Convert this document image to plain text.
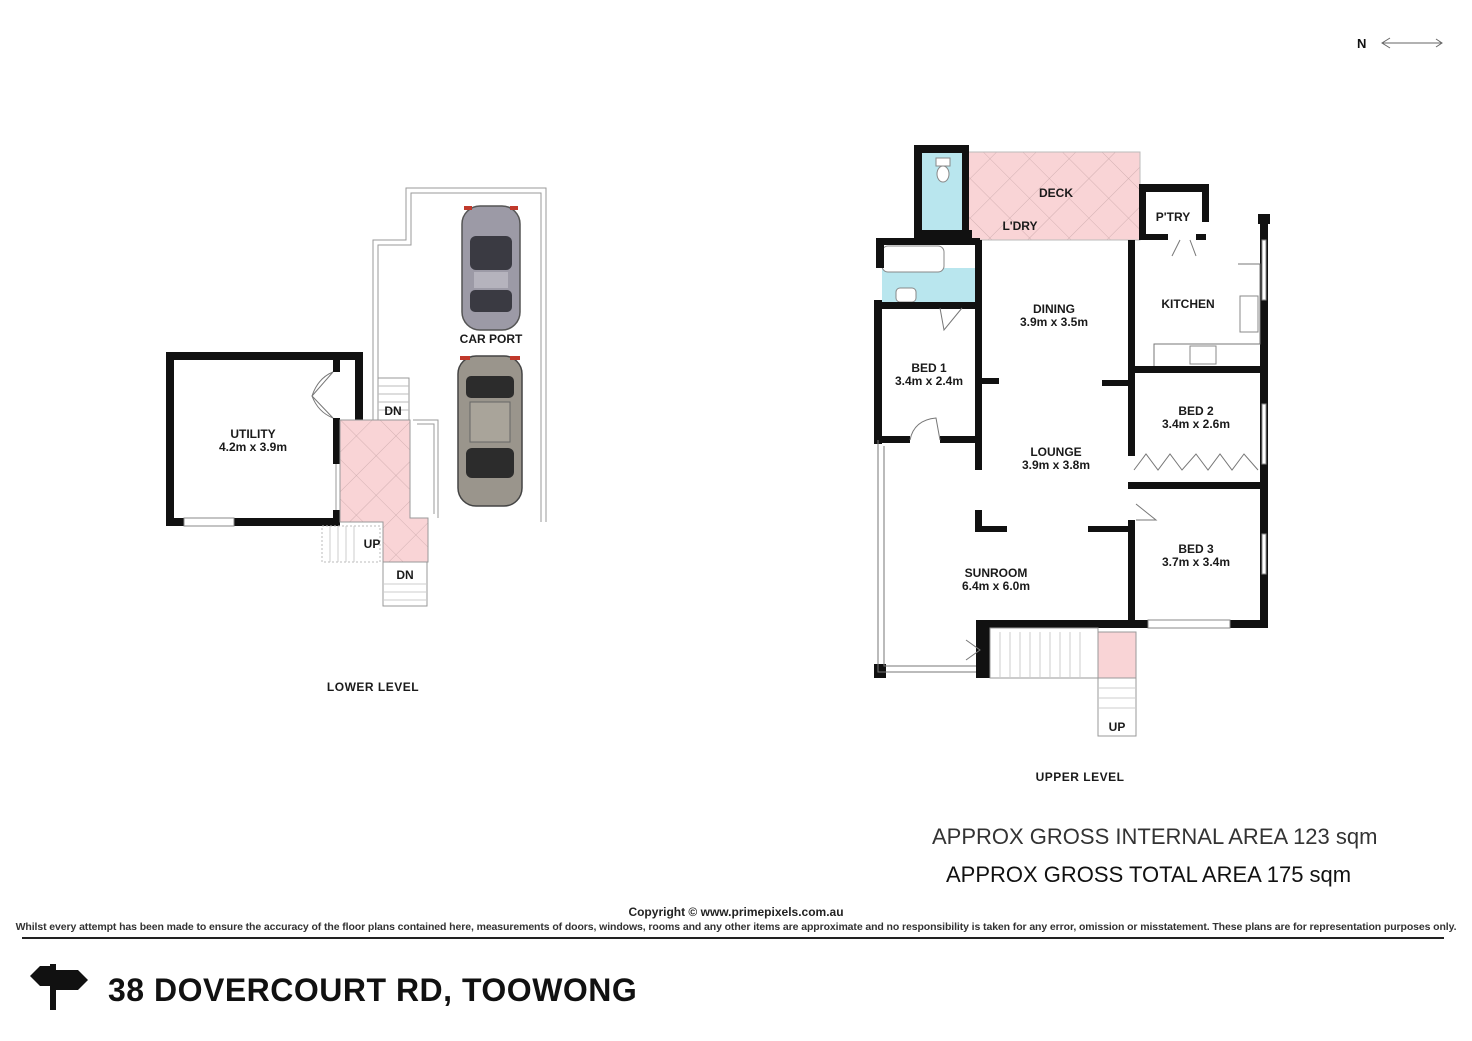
UTILITY
4.2m x 3.9m
CAR PORT
DN
UP
DN
LOWER LEVEL
DECK
L'DRY
P'TRY
KITCHEN
DINING
3.9m x 3.5m
BED 1
3.4m x 2.4m
BED 2
3.4m x 2.6m
LOUNGE
3.9m x 3.8m
BED 3
3.7m x 3.4m
SUNROOM
6.4m x 6.0m
UP
UPPER LEVEL
N
APPROX GROSS INTERNAL AREA 123 sqm
APPROX GROSS TOTAL AREA 175 sqm
Copyright © www.primepixels.com.au
Whilst every attempt has been made to ensure the accuracy of the floor plans contained here, measurements of doors, windows, rooms and any other items are approximate and no responsibility is taken for any error, omission or misstatement. These plans are for representation purposes only.
38 DOVERCOURT RD, TOOWONG
